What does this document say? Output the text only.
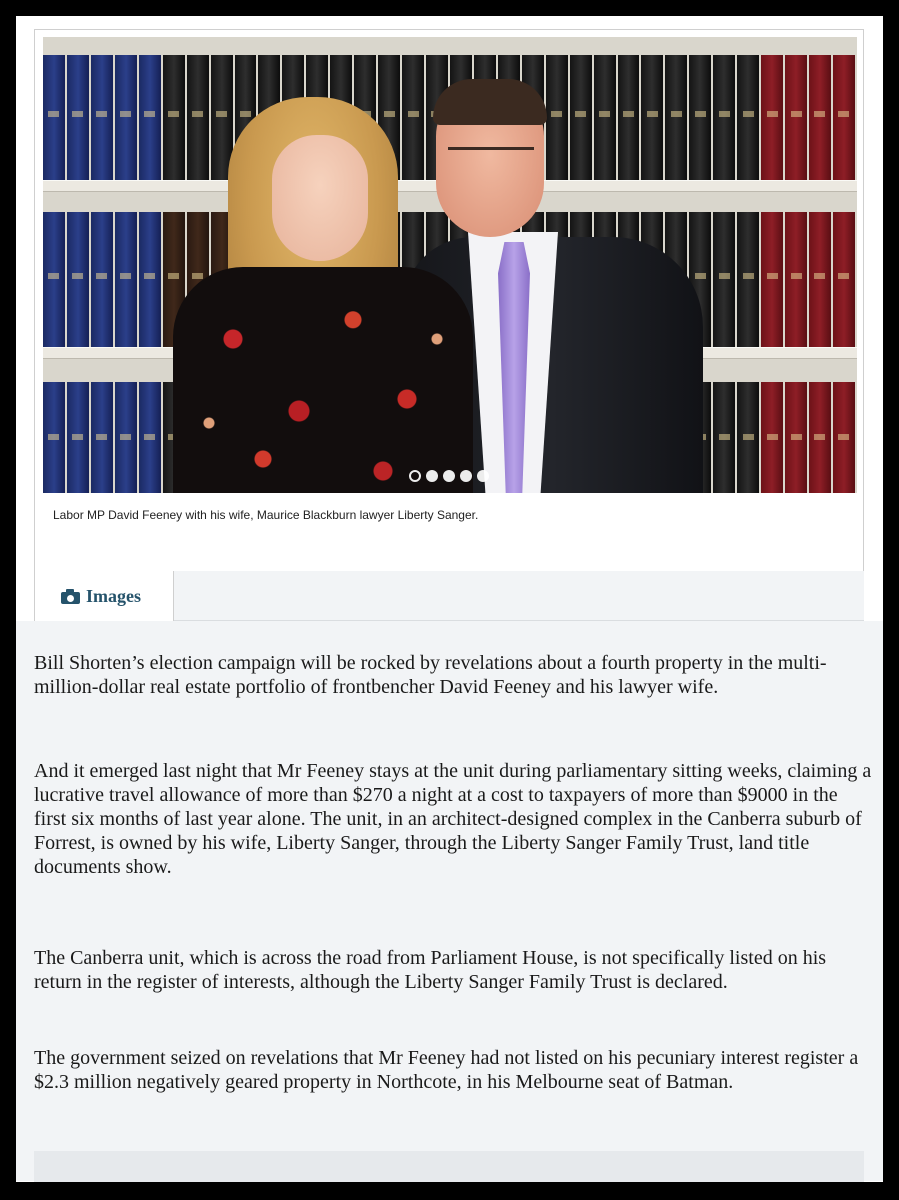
Labor MP David Feeney with his wife, Maurice Blackburn lawyer Liberty Sanger.
Images

Bill Shorten’s election campaign will be rocked by revelations about a fourth property in the multi-million-dollar real estate portfolio of frontbencher David Feeney and his lawyer wife.

And it emerged last night that Mr Feeney stays at the unit during parliamentary sitting weeks, claiming a lucrative travel allowance of more than $270 a night at a cost to taxpayers of more than $9000 in the first six months of last year alone. The unit, in an architect-designed complex in the Canberra suburb of Forrest, is owned by his wife, Liberty Sanger, through the Liberty Sanger Family Trust, land title documents show.

The Canberra unit, which is across the road from Parliament House, is not specifically listed on his return in the register of interests, although the Liberty Sanger Family Trust is declared.

The government seized on revelations that Mr Feeney had not listed on his pecuniary interest register a $2.3 million negatively geared property in Northcote, in his Melbourne seat of Batman.
